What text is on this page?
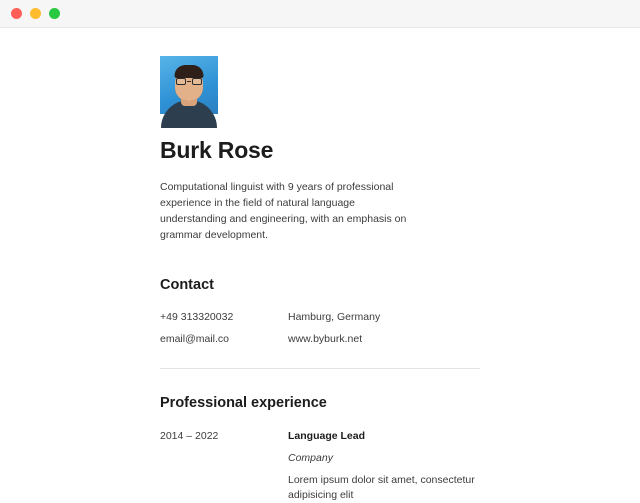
Burk Rose

Computational linguist with 9 years of professional experience in the field of natural language understanding and engineering, with an emphasis on grammar development.

Contact
+49 313320032
email@mail.co
Hamburg, Germany
www.byburk.net
Professional experience
2014 – 2022	Language Lead
Company
Lorem ipsum dolor sit amet, consectetur adipisicing elit
